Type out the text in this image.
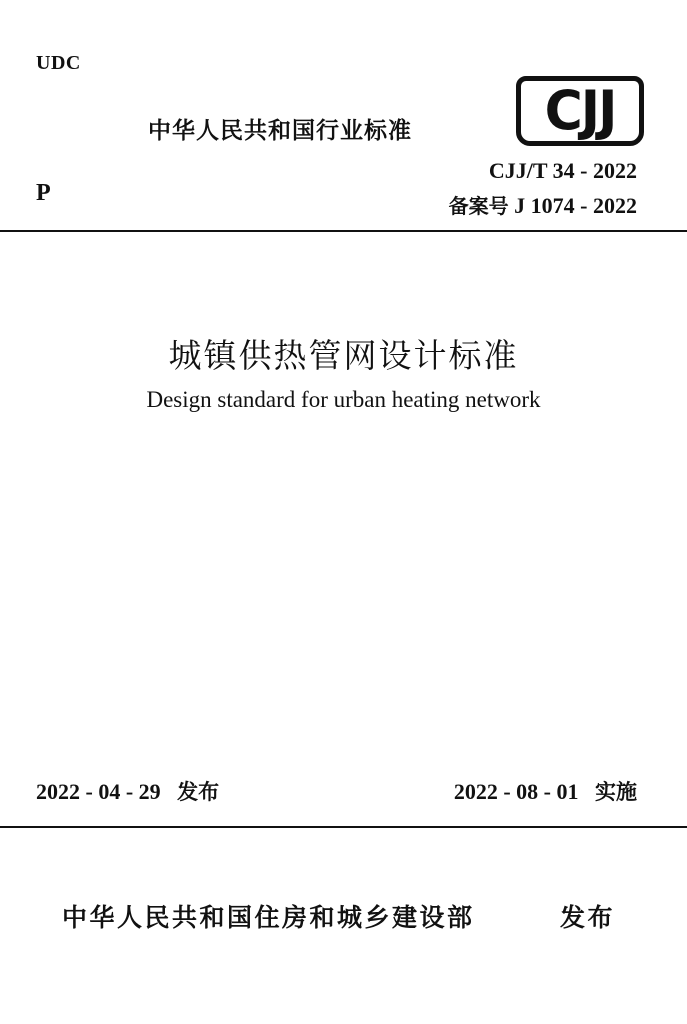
UDC
P
中华人民共和国行业标准	CJJ
CJJ/T 34 - 2022
备案号 J 1074 - 2022
城镇供热管网设计标准
Design standard for urban heating network
2022 - 04 - 29 发布	2022 - 08 - 01 实施
中华人民共和国住房和城乡建设部	发布
